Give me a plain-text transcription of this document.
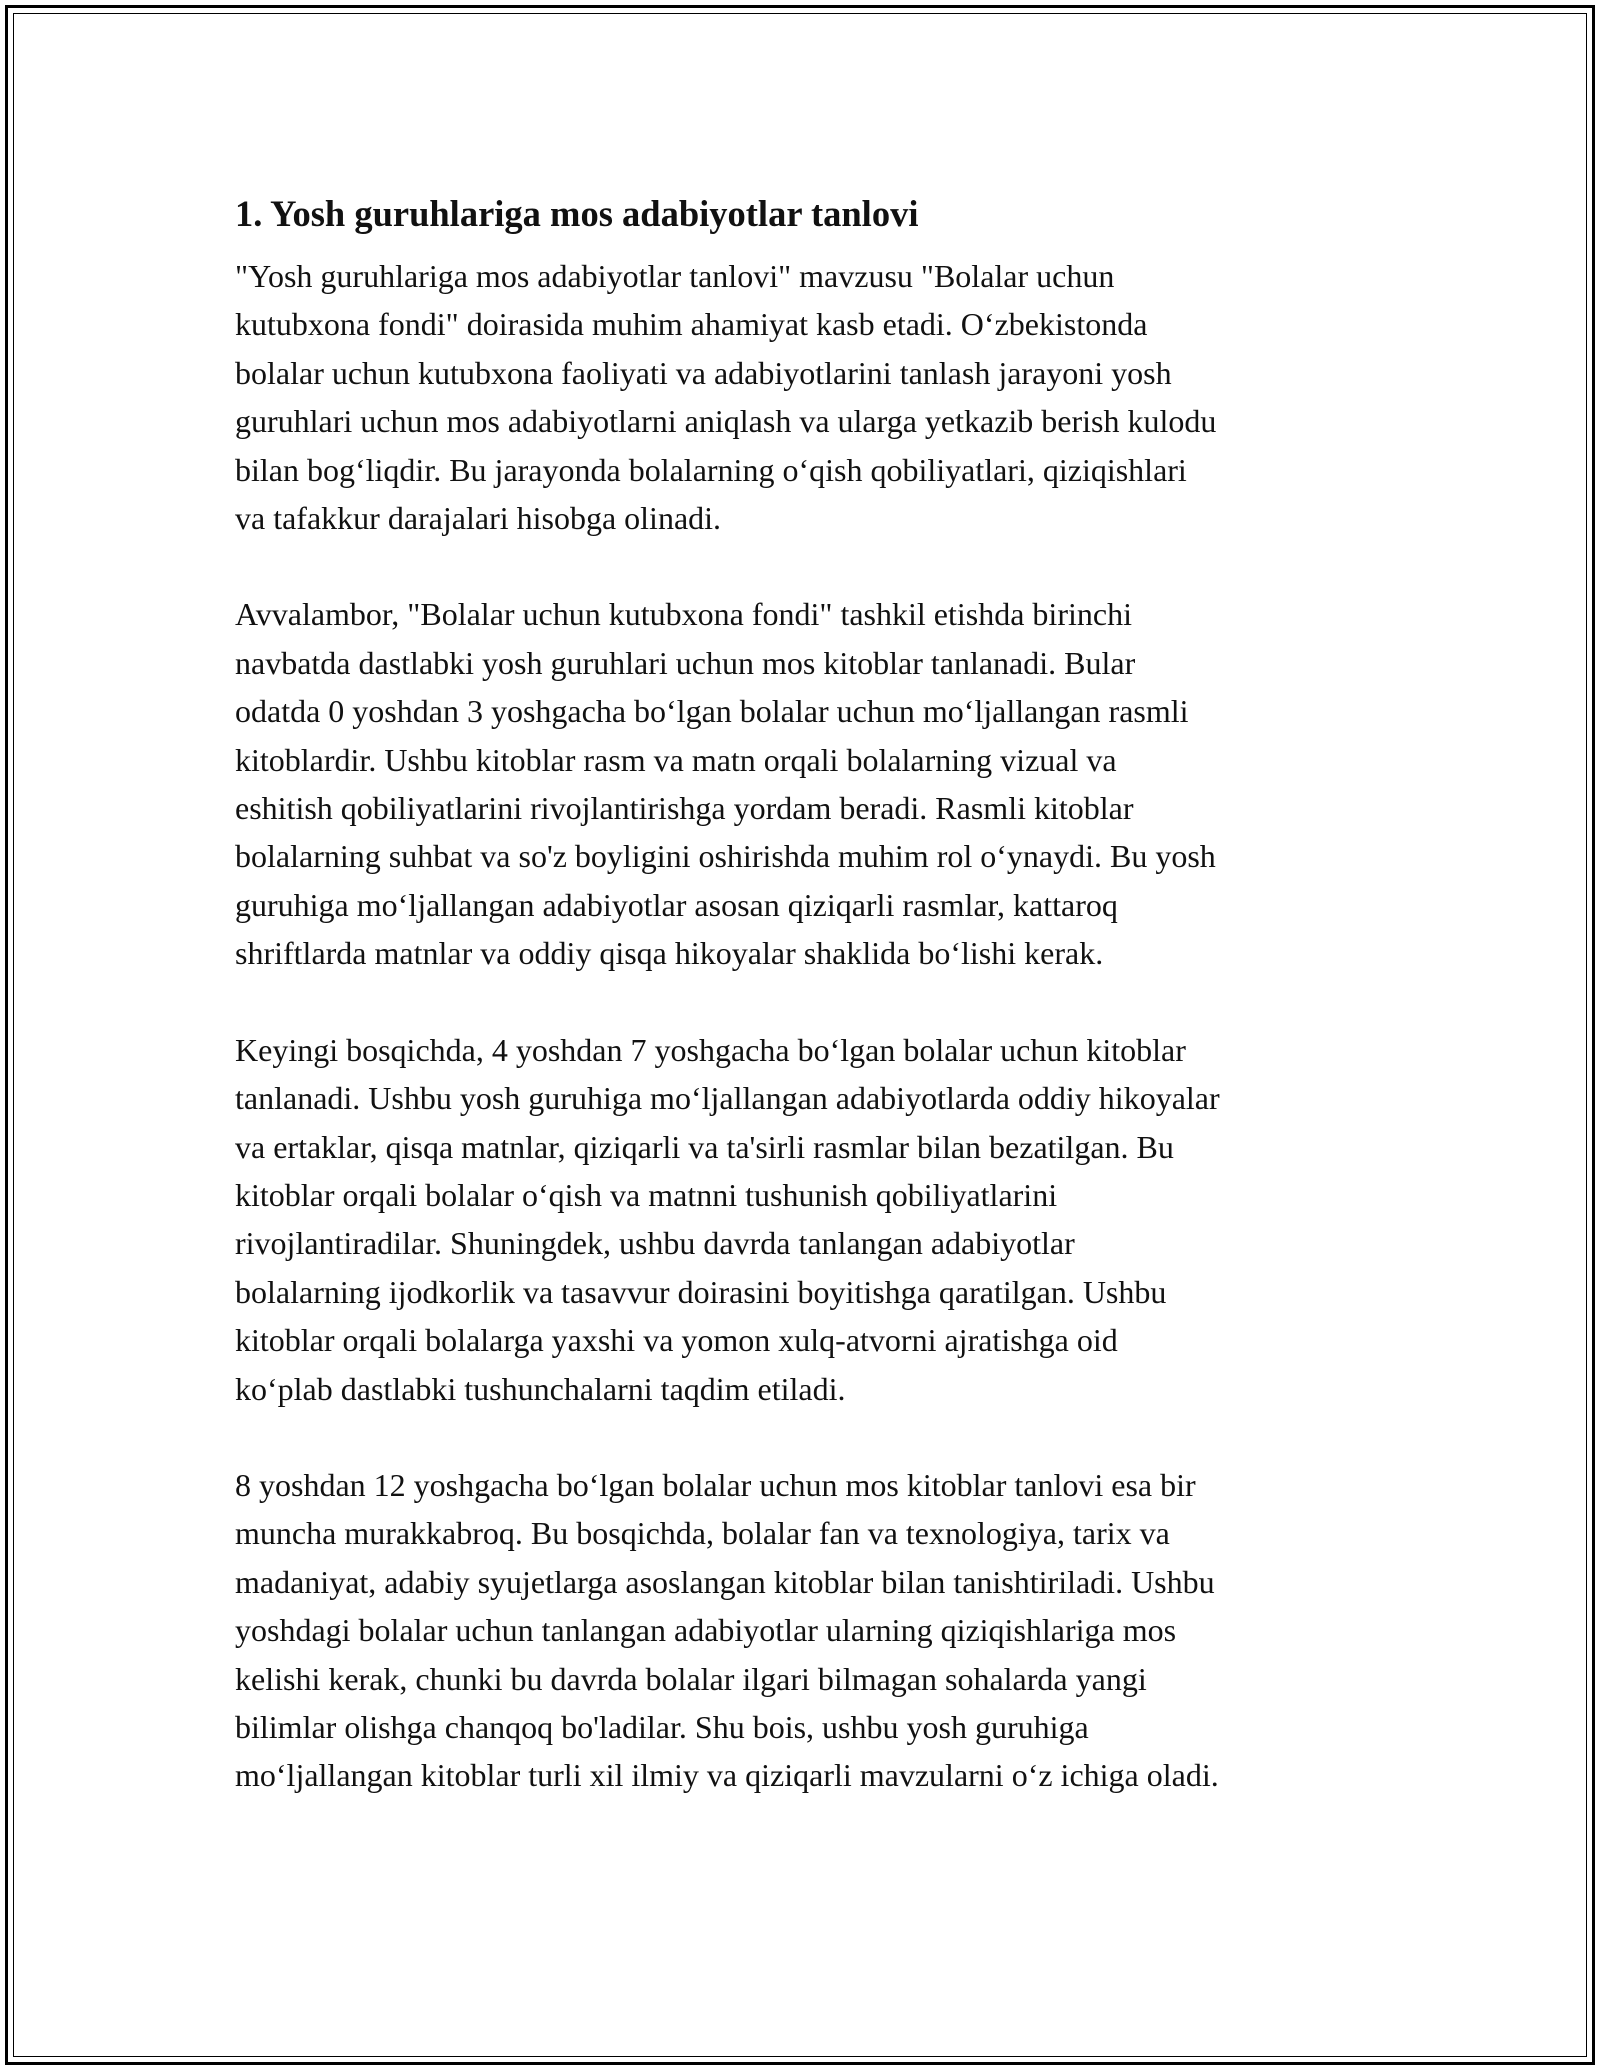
1. Yosh guruhlariga mos adabiyotlar tanlovi
"Yosh guruhlariga mos adabiyotlar tanlovi" mavzusu "Bolalar uchun
kutubxona fondi" doirasida muhim ahamiyat kasb etadi. O‘zbekistonda
bolalar uchun kutubxona faoliyati va adabiyotlarini tanlash jarayoni yosh
guruhlari uchun mos adabiyotlarni aniqlash va ularga yetkazib berish kulodu
bilan bog‘liqdir. Bu jarayonda bolalarning o‘qish qobiliyatlari, qiziqishlari
va tafakkur darajalari hisobga olinadi.
Avvalambor, "Bolalar uchun kutubxona fondi" tashkil etishda birinchi
navbatda dastlabki yosh guruhlari uchun mos kitoblar tanlanadi. Bular
odatda 0 yoshdan 3 yoshgacha bo‘lgan bolalar uchun mo‘ljallangan rasmli
kitoblardir. Ushbu kitoblar rasm va matn orqali bolalarning vizual va
eshitish qobiliyatlarini rivojlantirishga yordam beradi. Rasmli kitoblar
bolalarning suhbat va so'z boyligini oshirishda muhim rol o‘ynaydi. Bu yosh
guruhiga mo‘ljallangan adabiyotlar asosan qiziqarli rasmlar, kattaroq
shriftlarda matnlar va oddiy qisqa hikoyalar shaklida bo‘lishi kerak.
Keyingi bosqichda, 4 yoshdan 7 yoshgacha bo‘lgan bolalar uchun kitoblar
tanlanadi. Ushbu yosh guruhiga mo‘ljallangan adabiyotlarda oddiy hikoyalar
va ertaklar, qisqa matnlar, qiziqarli va ta'sirli rasmlar bilan bezatilgan. Bu
kitoblar orqali bolalar o‘qish va matnni tushunish qobiliyatlarini
rivojlantiradilar. Shuningdek, ushbu davrda tanlangan adabiyotlar
bolalarning ijodkorlik va tasavvur doirasini boyitishga qaratilgan. Ushbu
kitoblar orqali bolalarga yaxshi va yomon xulq-atvorni ajratishga oid
ko‘plab dastlabki tushunchalarni taqdim etiladi.
8 yoshdan 12 yoshgacha bo‘lgan bolalar uchun mos kitoblar tanlovi esa bir
muncha murakkabroq. Bu bosqichda, bolalar fan va texnologiya, tarix va
madaniyat, adabiy syujetlarga asoslangan kitoblar bilan tanishtiriladi. Ushbu
yoshdagi bolalar uchun tanlangan adabiyotlar ularning qiziqishlariga mos
kelishi kerak, chunki bu davrda bolalar ilgari bilmagan sohalarda yangi
bilimlar olishga chanqoq bo'ladilar. Shu bois, ushbu yosh guruhiga
mo‘ljallangan kitoblar turli xil ilmiy va qiziqarli mavzularni o‘z ichiga oladi.
